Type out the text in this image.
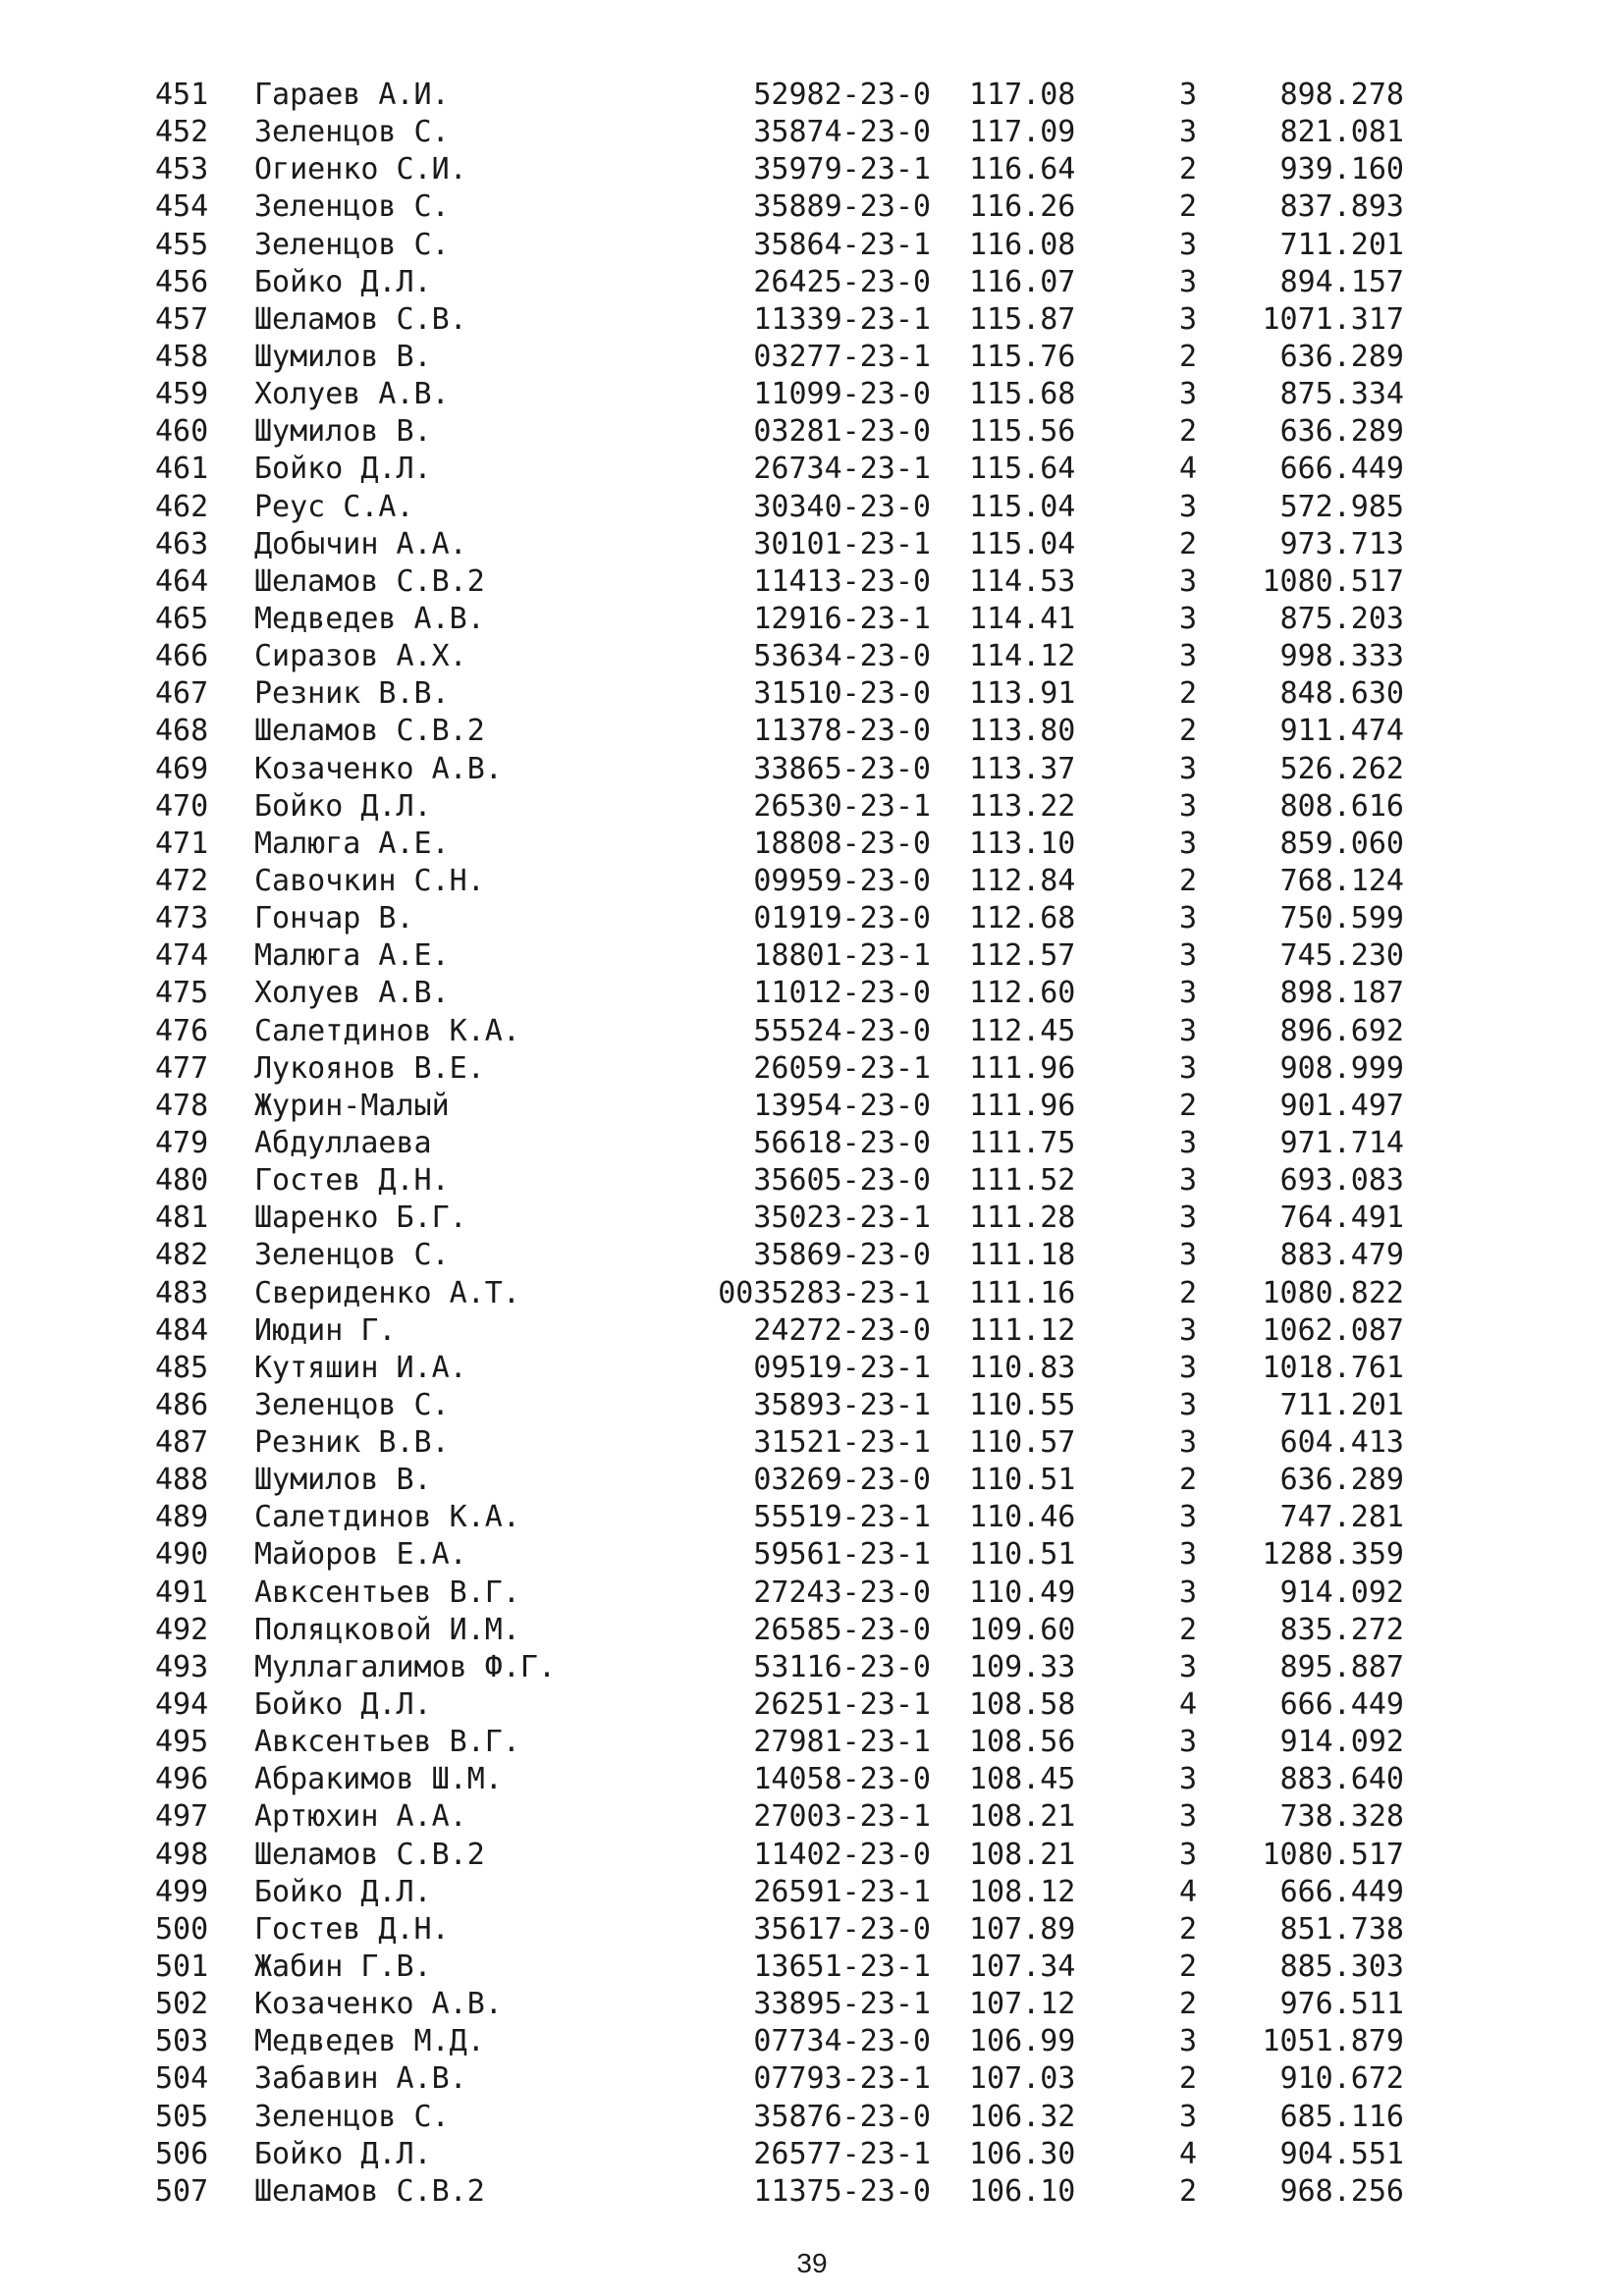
451 Гараев А.И.	52982-23-0 117.08	3	898.278
452 Зеленцов С.	35874-23-0 117.09	3	821.081
453 Огиенко С.И.	35979-23-1 116.64	2	939.160
454 Зеленцов С.	35889-23-0 116.26	2	837.893
455 Зеленцов С.	35864-23-1 116.08	3	711.201
456 Бойко Д.Л.	26425-23-0 116.07	3	894.157
457 Шеламов С.В.	11339-23-1 115.87	3	1071.317
458 Шумилов В.	03277-23-1 115.76	2	636.289
459 Холуев А.В.	11099-23-0 115.68	3	875.334
460 Шумилов В.	03281-23-0 115.56	2	636.289
461 Бойко Д.Л.	26734-23-1 115.64	4	666.449
462 Реус С.А.	30340-23-0 115.04	3	572.985
463 Добычин А.А.	30101-23-1 115.04	2	973.713
464 Шеламов С.В.2	11413-23-0 114.53	3	1080.517
465 Медведев А.В.	12916-23-1 114.41	3	875.203
466 Сиразов А.Х.	53634-23-0 114.12	3	998.333
467 Резник В.В.	31510-23-0 113.91	2	848.630
468 Шеламов С.В.2	11378-23-0 113.80	2	911.474
469 Козаченко А.В.	33865-23-0 113.37	3	526.262
470 Бойко Д.Л.	26530-23-1 113.22	3	808.616
471 Малюга А.Е.	18808-23-0 113.10	3	859.060
472 Савочкин С.Н.	09959-23-0 112.84	2	768.124
473 Гончар В.	01919-23-0 112.68	3	750.599
474 Малюга А.Е.	18801-23-1 112.57	3	745.230
475 Холуев А.В.	11012-23-0 112.60	3	898.187
476 Салетдинов К.А.	55524-23-0 112.45	3	896.692
477 Лукоянов В.Е.	26059-23-1 111.96	3	908.999
478 Журин-Малый	13954-23-0 111.96	2	901.497
479 Абдуллаева	56618-23-0 111.75	3	971.714
480 Гостев Д.Н.	35605-23-0 111.52	3	693.083
481 Шаренко Б.Г.	35023-23-1 111.28	3	764.491
482 Зеленцов С.	35869-23-0 111.18	3	883.479
483 Свериденко А.Т.	0035283-23-1 111.16	2	1080.822
484 Июдин Г.	24272-23-0 111.12	3	1062.087
485 Кутяшин И.А.	09519-23-1 110.83	3	1018.761
486 Зеленцов С.	35893-23-1 110.55	3	711.201
487 Резник В.В.	31521-23-1 110.57	3	604.413
488 Шумилов В.	03269-23-0 110.51	2	636.289
489 Салетдинов К.А.	55519-23-1 110.46	3	747.281
490 Майоров Е.А.	59561-23-1 110.51	3	1288.359
491 Авксентьев В.Г.	27243-23-0 110.49	3	914.092
492 Поляцковой И.М.	26585-23-0 109.60	2	835.272
493 Муллагалимов Ф.Г.	53116-23-0 109.33	3	895.887
494 Бойко Д.Л.	26251-23-1 108.58	4	666.449
495 Авксентьев В.Г.	27981-23-1 108.56	3	914.092
496 Абракимов Ш.М.	14058-23-0 108.45	3	883.640
497 Артюхин А.А.	27003-23-1 108.21	3	738.328
498 Шеламов С.В.2	11402-23-0 108.21	3	1080.517
499 Бойко Д.Л.	26591-23-1 108.12	4	666.449
500 Гостев Д.Н.	35617-23-0 107.89	2	851.738
501 Жабин Г.В.	13651-23-1 107.34	2	885.303
502 Козаченко А.В.	33895-23-1 107.12	2	976.511
503 Медведев М.Д.	07734-23-0 106.99	3	1051.879
504 Забавин А.В.	07793-23-1 107.03	2	910.672
505 Зеленцов С.	35876-23-0 106.32	3	685.116
506 Бойко Д.Л.	26577-23-1 106.30	4	904.551
507 Шеламов С.В.2	11375-23-0 106.10	2	968.256
39
